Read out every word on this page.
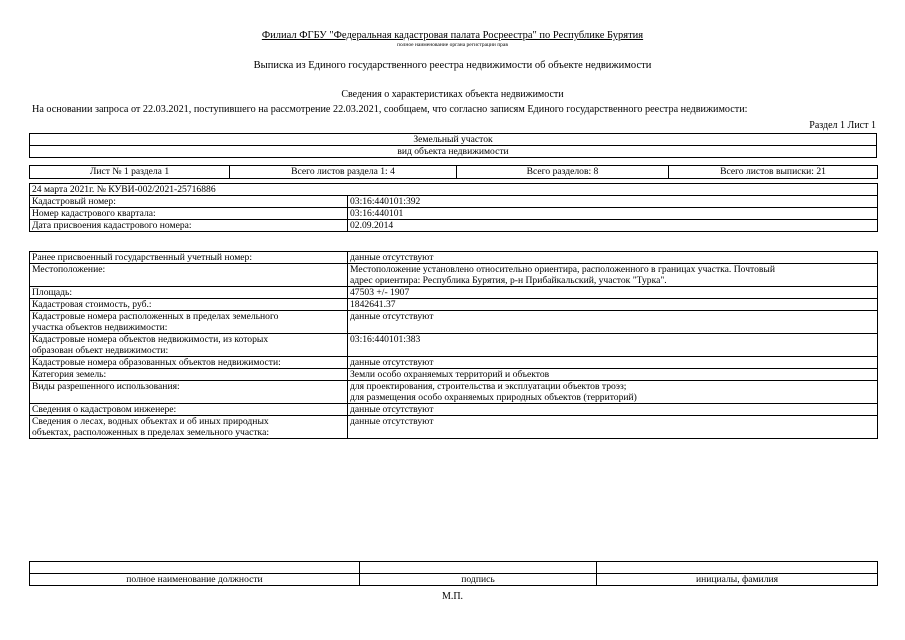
Филиал ФГБУ "Федеральная кадастровая палата Росреестра" по Республике Бурятия
полное наименование органа регистрации прав
Выписка из Единого государственного реестра недвижимости об объекте недвижимости
Сведения о характеристиках объекта недвижимости
На основании запроса от 22.03.2021, поступившего на рассмотрение 22.03.2021, сообщаем, что согласно записям Единого государственного реестра недвижимости:
Раздел 1 Лист 1
Земельный участок
вид объекта недвижимости
Лист № 1 раздела 1	Всего листов раздела 1: 4	Всего разделов: 8	Всего листов выписки: 21
24 марта 2021г. № КУВИ-002/2021-25716886	
Кадастровый номер:	03:16:440101:392
Номер кадастрового квартала:	03:16:440101
Дата присвоения кадастрового номера:	02.09.2014
Ранее присвоенный государственный учетный номер:	данные отсутствуют

Местоположение:	Местоположение установлено относительно ориентира, расположенного в границах участка. Почтовый
адрес ориентира: Республика Бурятия, р-н Прибайкальский, участок "Турка".

Площадь:	47503 +/- 1907

Кадастровая стоимость, руб.:	1842641.37

Кадастровые номера расположенных в пределах земельного
участка объектов недвижимости:	данные отсутствуют

Кадастровые номера объектов недвижимости, из которых
образован объект недвижимости:	03:16:440101:383

Кадастровые номера образованных объектов недвижимости:	данные отсутствуют

Категория земель:	Земли особо охраняемых территорий и объектов

Виды разрешенного использования:	для проектирования, строительства и эксплуатации объектов троэз;
для размещения особо охраняемых природных объектов (территорий)

Сведения о кадастровом инженере:	данные отсутствуют

Сведения о лесах, водных объектах и об иных природных
объектах, расположенных в пределах земельного участка:	данные отсутствуют

полное наименование должности	подпись	инициалы, фамилия
М.П.
